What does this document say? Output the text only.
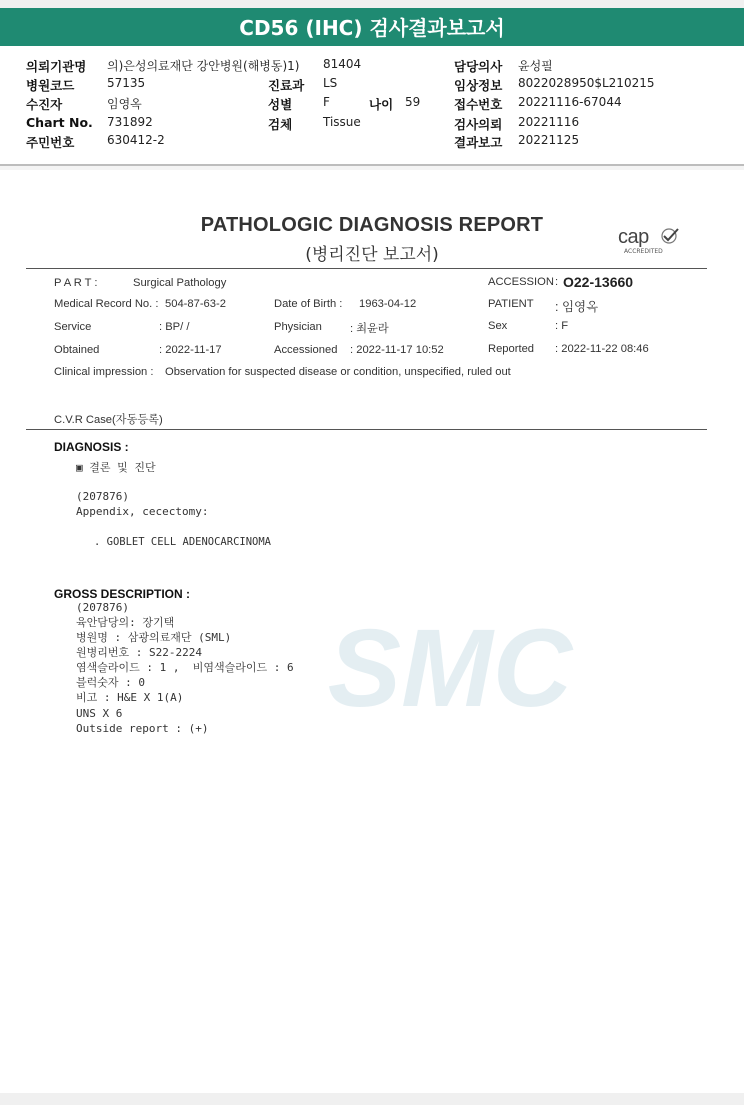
CD56 (IHC) 검사결과보고서
의뢰기관명 의)은성의료재단 강안병원(해병동)1) 81404	담당의사 윤성필
병원코드	57135	진료과 LS	임상정보 8022028950$L210215
수진자	임영옥	성별	F	나이 59	접수번호 20221116-67044
Chart No. 731892	검체	Tissue	검사의뢰 20221116
주민번호	630412-2	결과보고 20221125
PATHOLOGIC DIAGNOSIS REPORT
(병리진단 보고서)
cap
ACCREDITED
P A R T :	Surgical Pathology	ACCESSION : O22-13660
Medical Record No. : 504-87-63-2	Date of Birth : 1963-04-12	PATIENT : 임영옥
Service	: BP/ /	Physician	: 최윤라	Sex	: F
Obtained	: 2022-11-17	Accessioned : 2022-11-17 10:52	Reported : 2022-11-22 08:46
Clinical impression : Observation for suspected disease or condition, unspecified, ruled out
C.V.R Case(자동등록)
SMC
DIAGNOSIS :
▣ 결론 및 진단
(207876)
Appendix, cecectomy:
. GOBLET CELL ADENOCARCINOMA
GROSS DESCRIPTION :
(207876)
육안담당의: 장기택
병원명 : 삼광의료재단 (SML)
원병리번호 : S22-2224
염색슬라이드 : 1 ,  비염색슬라이드 : 6
블럭숫자 : 0
비고 : H&E X 1(A)
UNS X 6
Outside report : (+)
